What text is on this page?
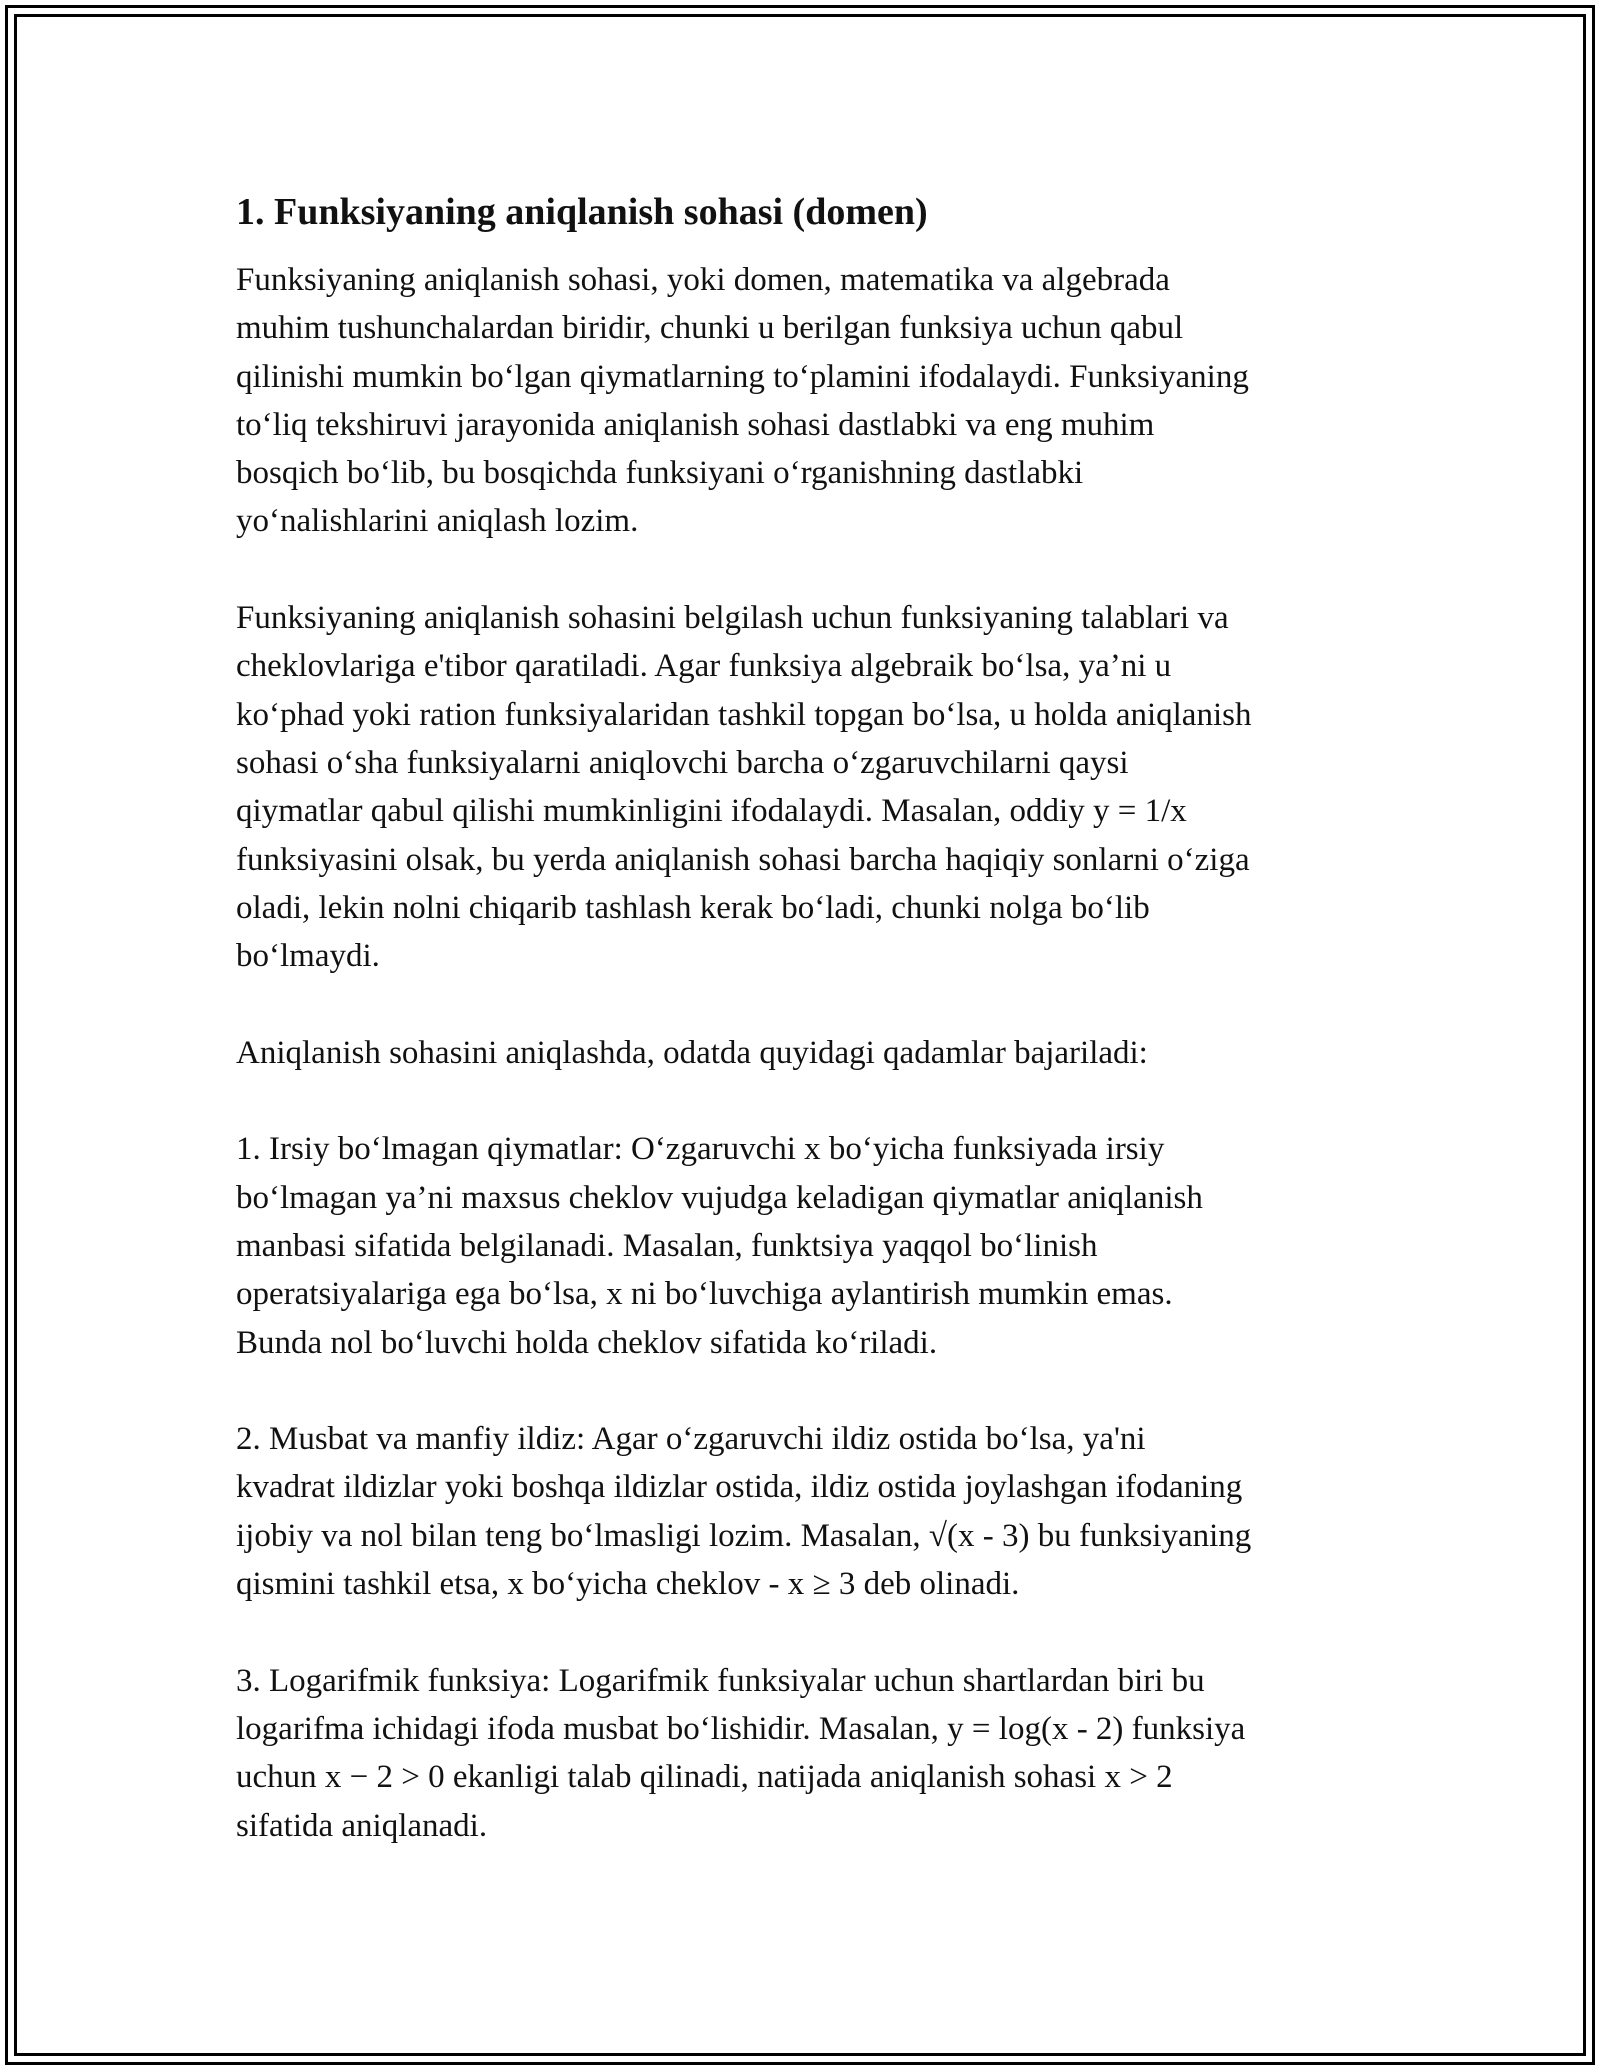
1. Funksiyaning aniqlanish sohasi (domen)

Funksiyaning aniqlanish sohasi, yoki domen, matematika va algebrada
muhim tushunchalardan biridir, chunki u berilgan funksiya uchun qabul
qilinishi mumkin bo‘lgan qiymatlarning to‘plamini ifodalaydi. Funksiyaning
to‘liq tekshiruvi jarayonida aniqlanish sohasi dastlabki va eng muhim
bosqich bo‘lib, bu bosqichda funksiyani o‘rganishning dastlabki
yo‘nalishlarini aniqlash lozim.

Funksiyaning aniqlanish sohasini belgilash uchun funksiyaning talablari va
cheklovlariga e'tibor qaratiladi. Agar funksiya algebraik bo‘lsa, ya’ni u
ko‘phad yoki ration funksiyalaridan tashkil topgan bo‘lsa, u holda aniqlanish
sohasi o‘sha funksiyalarni aniqlovchi barcha o‘zgaruvchilarni qaysi
qiymatlar qabul qilishi mumkinligini ifodalaydi. Masalan, oddiy y = 1/x
funksiyasini olsak, bu yerda aniqlanish sohasi barcha haqiqiy sonlarni o‘ziga
oladi, lekin nolni chiqarib tashlash kerak bo‘ladi, chunki nolga bo‘lib
bo‘lmaydi.

Aniqlanish sohasini aniqlashda, odatda quyidagi qadamlar bajariladi:

1. Irsiy bo‘lmagan qiymatlar: O‘zgaruvchi x bo‘yicha funksiyada irsiy
bo‘lmagan ya’ni maxsus cheklov vujudga keladigan qiymatlar aniqlanish
manbasi sifatida belgilanadi. Masalan, funktsiya yaqqol bo‘linish
operatsiyalariga ega bo‘lsa, x ni bo‘luvchiga aylantirish mumkin emas.
Bunda nol bo‘luvchi holda cheklov sifatida ko‘riladi.

2. Musbat va manfiy ildiz: Agar o‘zgaruvchi ildiz ostida bo‘lsa, ya'ni
kvadrat ildizlar yoki boshqa ildizlar ostida, ildiz ostida joylashgan ifodaning
ijobiy va nol bilan teng bo‘lmasligi lozim. Masalan, √(x - 3) bu funksiyaning
qismini tashkil etsa, x bo‘yicha cheklov - x ≥ 3 deb olinadi.

3. Logarifmik funksiya: Logarifmik funksiyalar uchun shartlardan biri bu
logarifma ichidagi ifoda musbat bo‘lishidir. Masalan, y = log(x - 2) funksiya
uchun x − 2 > 0 ekanligi talab qilinadi, natijada aniqlanish sohasi x > 2
sifatida aniqlanadi.
